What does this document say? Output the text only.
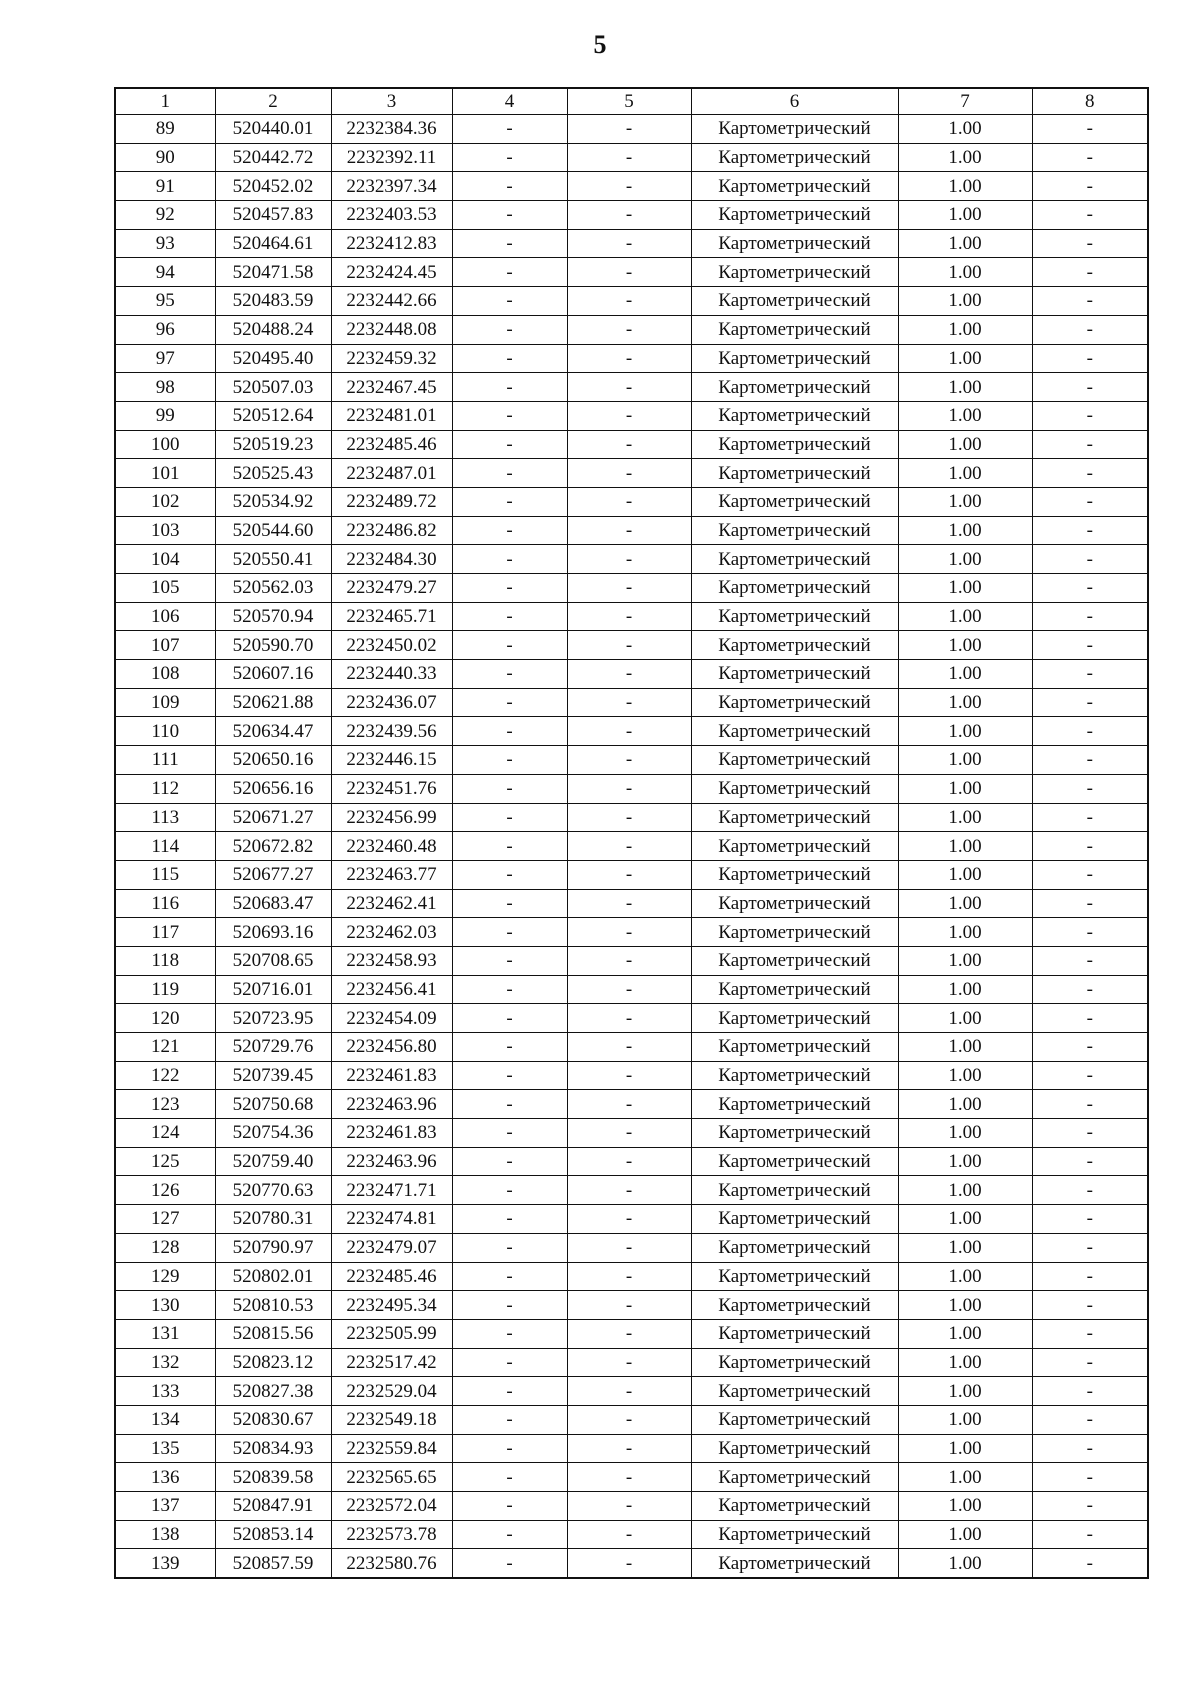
5
1	2	3	4	5	6	7	8
89	520440.01	2232384.36	-	-	Картометрический	1.00	-
90	520442.72	2232392.11	-	-	Картометрический	1.00	-
91	520452.02	2232397.34	-	-	Картометрический	1.00	-
92	520457.83	2232403.53	-	-	Картометрический	1.00	-
93	520464.61	2232412.83	-	-	Картометрический	1.00	-
94	520471.58	2232424.45	-	-	Картометрический	1.00	-
95	520483.59	2232442.66	-	-	Картометрический	1.00	-
96	520488.24	2232448.08	-	-	Картометрический	1.00	-
97	520495.40	2232459.32	-	-	Картометрический	1.00	-
98	520507.03	2232467.45	-	-	Картометрический	1.00	-
99	520512.64	2232481.01	-	-	Картометрический	1.00	-
100	520519.23	2232485.46	-	-	Картометрический	1.00	-
101	520525.43	2232487.01	-	-	Картометрический	1.00	-
102	520534.92	2232489.72	-	-	Картометрический	1.00	-
103	520544.60	2232486.82	-	-	Картометрический	1.00	-
104	520550.41	2232484.30	-	-	Картометрический	1.00	-
105	520562.03	2232479.27	-	-	Картометрический	1.00	-
106	520570.94	2232465.71	-	-	Картометрический	1.00	-
107	520590.70	2232450.02	-	-	Картометрический	1.00	-
108	520607.16	2232440.33	-	-	Картометрический	1.00	-
109	520621.88	2232436.07	-	-	Картометрический	1.00	-
110	520634.47	2232439.56	-	-	Картометрический	1.00	-
111	520650.16	2232446.15	-	-	Картометрический	1.00	-
112	520656.16	2232451.76	-	-	Картометрический	1.00	-
113	520671.27	2232456.99	-	-	Картометрический	1.00	-
114	520672.82	2232460.48	-	-	Картометрический	1.00	-
115	520677.27	2232463.77	-	-	Картометрический	1.00	-
116	520683.47	2232462.41	-	-	Картометрический	1.00	-
117	520693.16	2232462.03	-	-	Картометрический	1.00	-
118	520708.65	2232458.93	-	-	Картометрический	1.00	-
119	520716.01	2232456.41	-	-	Картометрический	1.00	-
120	520723.95	2232454.09	-	-	Картометрический	1.00	-
121	520729.76	2232456.80	-	-	Картометрический	1.00	-
122	520739.45	2232461.83	-	-	Картометрический	1.00	-
123	520750.68	2232463.96	-	-	Картометрический	1.00	-
124	520754.36	2232461.83	-	-	Картометрический	1.00	-
125	520759.40	2232463.96	-	-	Картометрический	1.00	-
126	520770.63	2232471.71	-	-	Картометрический	1.00	-
127	520780.31	2232474.81	-	-	Картометрический	1.00	-
128	520790.97	2232479.07	-	-	Картометрический	1.00	-
129	520802.01	2232485.46	-	-	Картометрический	1.00	-
130	520810.53	2232495.34	-	-	Картометрический	1.00	-
131	520815.56	2232505.99	-	-	Картометрический	1.00	-
132	520823.12	2232517.42	-	-	Картометрический	1.00	-
133	520827.38	2232529.04	-	-	Картометрический	1.00	-
134	520830.67	2232549.18	-	-	Картометрический	1.00	-
135	520834.93	2232559.84	-	-	Картометрический	1.00	-
136	520839.58	2232565.65	-	-	Картометрический	1.00	-
137	520847.91	2232572.04	-	-	Картометрический	1.00	-
138	520853.14	2232573.78	-	-	Картометрический	1.00	-
139	520857.59	2232580.76	-	-	Картометрический	1.00	-
